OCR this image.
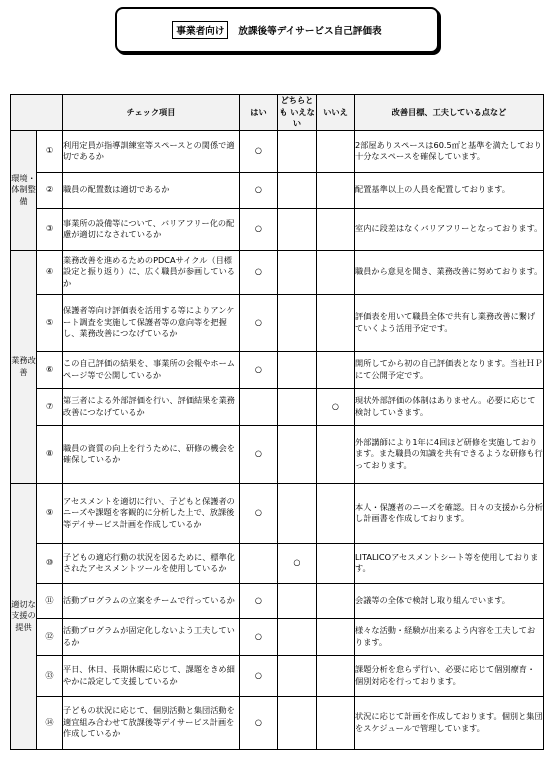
事業者向け	放課後等デイサービス自己評価表
		チェック項目	はい	どちらとも いえない	いいえ	改善目標、工夫している点など

環境・体制整備	①	利用定員が指導訓練室等スペースとの関係で適切であるか	○			2部屋ありスペースは60.5㎡と基準を満たしており十分なスペースを確保しています。
	②	職員の配置数は適切であるか	○			配置基準以上の人員を配置しております。
	③	事業所の設備等について、バリアフリー化の配慮が適切になされているか	○			室内に段差はなくバリアフリーとなっております。

業務改善	④	業務改善を進めるためのPDCAサイクル（目標設定と振り返り）に、広く職員が参画しているか	○			職員から意見を聞き、業務改善に努めております。
	⑤	保護者等向け評価表を活用する等によりアンケート調査を実施して保護者等の意向等を把握し、業務改善につなげているか	○			評価表を用いて職員全体で共有し業務改善に繋げていくよう活用予定です。
	⑥	この自己評価の結果を、事業所の会報やホームページ等で公開しているか	○			開所してから初の自己評価表となります。当社ＨＰにて公開予定です。
	⑦	第三者による外部評価を行い、評価結果を業務改善につなげているか			○	現状外部評価の体制はありません。必要に応じて検討していきます。
	⑧	職員の資質の向上を行うために、研修の機会を確保しているか	○			外部講師により1年に4回ほど研修を実施しております。また職員の知識を共有できるような研修も行っております。

適切な支援の提供	⑨	アセスメントを適切に行い、子どもと保護者のニーズや課題を客観的に分析した上で、放課後等デイサービス計画を作成しているか	○			本人・保護者のニーズを確認。日々の支援から分析し計画書を作成しております。
	⑩	子どもの適応行動の状況を図るために、標準化されたアセスメントツールを使用しているか		○		LITALICOアセスメントシート等を使用しております。
	⑪	活動プログラムの立案をチームで行っているか	○			会議等の全体で検討し取り組んでいます。
	⑫	活動プログラムが固定化しないよう工夫しているか	○			様々な活動・経験が出来るよう内容を工夫しております。
	⑬	平日、休日、長期休暇に応じて、課題をきめ細やかに設定して支援しているか	○			課題分析を怠らず行い、必要に応じて個別療育・個別対応を行っております。
	⑭	子どもの状況に応じて、個別活動と集団活動を適宜組み合わせて放課後等デイサービス計画を作成しているか	○			状況に応じて計画を作成しております。個別と集団をスケジュールで管理しています。
